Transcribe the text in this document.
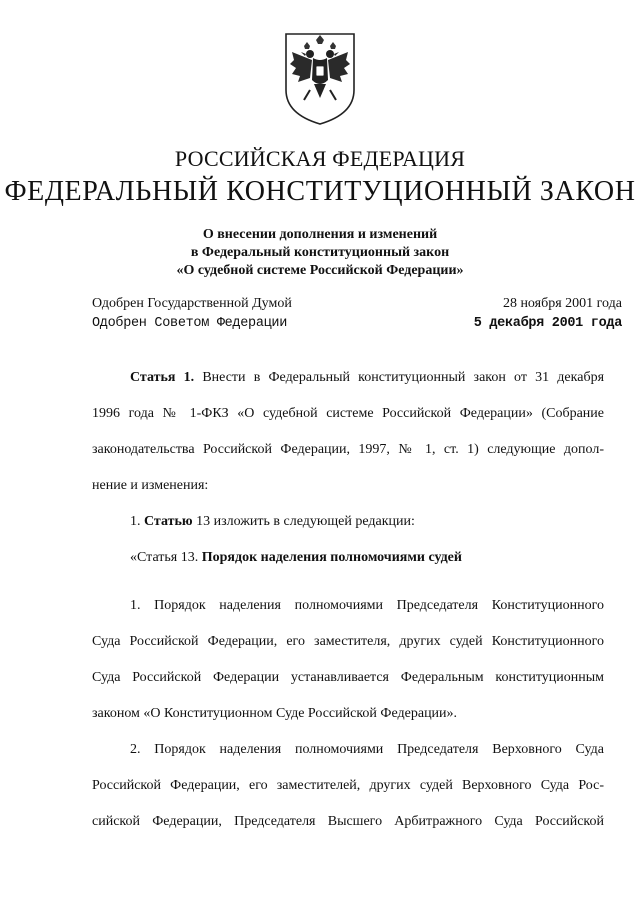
РОССИЙСКАЯ ФЕДЕРАЦИЯ
ФЕДЕРАЛЬНЫЙ КОНСТИТУЦИОННЫЙ ЗАКОН
О внесении дополнения и изменений
в Федеральный конституционный закон
«О судебной системе Российской Федерации»
Одобрен Государственной Думой	28 ноября 2001 года
Одобрен Советом Федерации	5 декабря 2001 года
Статья 1. Внести в Федеральный конституционный закон от 31 декабря
1996 года № 1-ФКЗ «О судебной системе Российской Федерации» (Собрание
законодательства Российской Федерации, 1997, № 1, ст. 1) следующие допол-
нение и изменения:
1. Статью 13 изложить в следующей редакции:
«Статья 13. Порядок наделения полномочиями судей
1. Порядок наделения полномочиями Председателя Конституционного
Суда Российской Федерации, его заместителя, других судей Конституционного
Суда Российской Федерации устанавливается Федеральным конституционным
законом «О Конституционном Суде Российской Федерации».
2. Порядок наделения полномочиями Председателя Верховного Суда
Российской Федерации, его заместителей, других судей Верховного Суда Рос-
сийской Федерации, Председателя Высшего Арбитражного Суда Российской
